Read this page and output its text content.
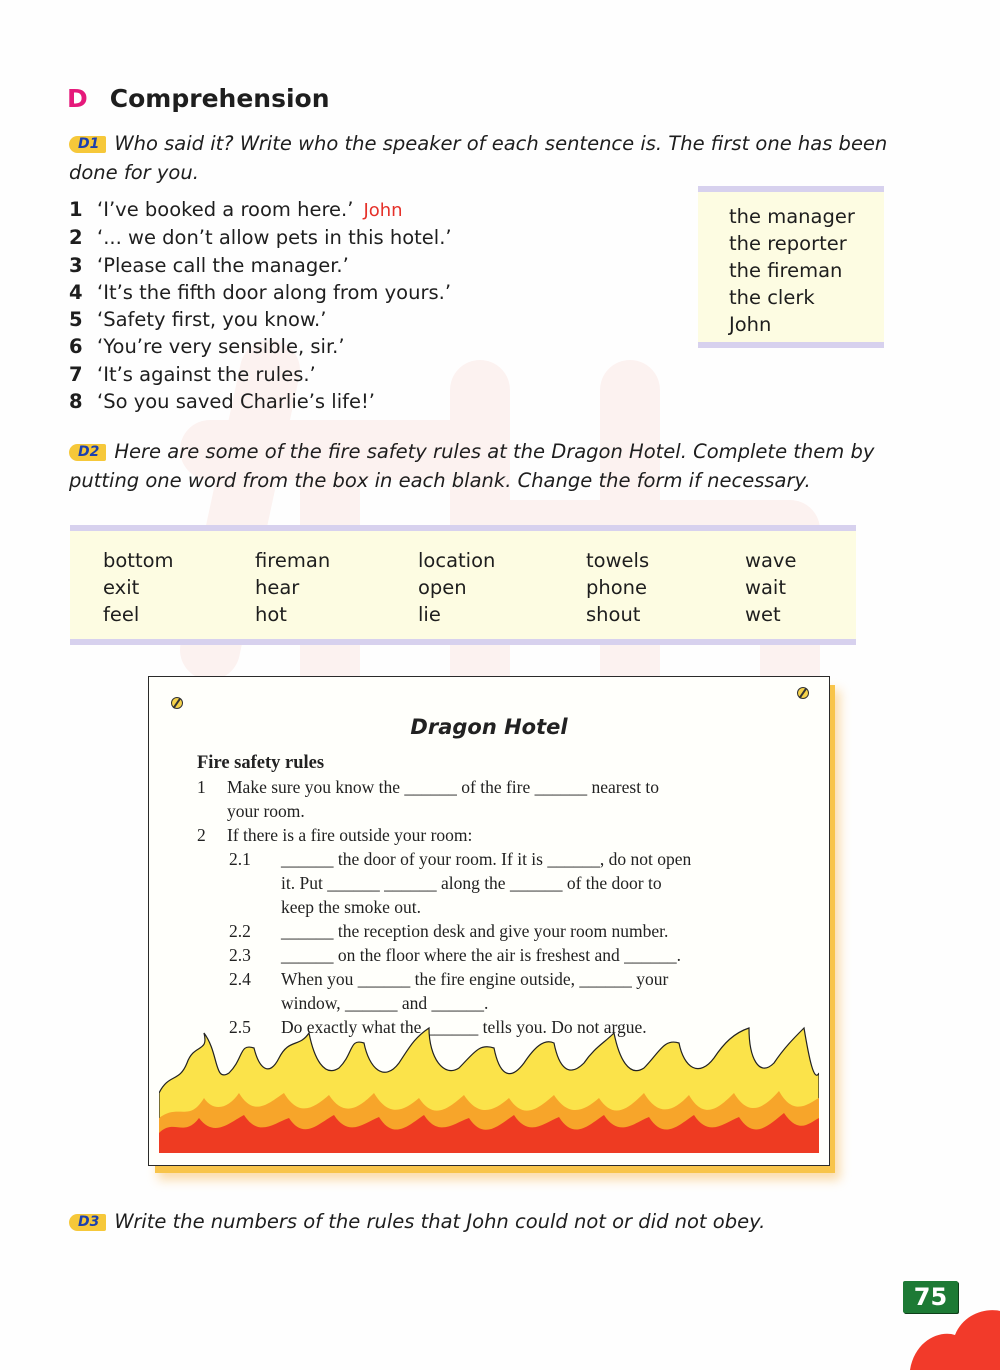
D Comprehension
D1 Who said it? Write who the speaker of each sentence is. The first one has been
done for you.
1 ‘I’ve booked a room here.’ John
2 ‘... we don’t allow pets in this hotel.’
3 ‘Please call the manager.’
4 ‘It’s the fifth door along from yours.’
5 ‘Safety first, you know.’
6 ‘You’re very sensible, sir.’
7 ‘It’s against the rules.’
8 ‘So you saved Charlie’s life!’
the manager
the reporter
the fireman
the clerk
John
D2 Here are some of the fire safety rules at the Dragon Hotel. Complete them by
putting one word from the box in each blank. Change the form if necessary.
bottom
exit
feel
fireman
hear
hot
location
open
lie
towels
phone
shout
wave
wait
wet
Dragon Hotel
Fire safety rules
1 Make sure you know the ______ of the fire ______ nearest to
your room.
2 If there is a fire outside your room:
2.1 ______ the door of your room. If it is ______, do not open
it. Put ______ ______ along the ______ of the door to
keep the smoke out.
2.2 ______ the reception desk and give your room number.
2.3 ______ on the floor where the air is freshest and ______.
2.4 When you ______ the fire engine outside, ______ your
window, ______ and ______.
2.5 Do exactly what the ______ tells you. Do not argue.
D3 Write the numbers of the rules that John could not or did not obey.
75
